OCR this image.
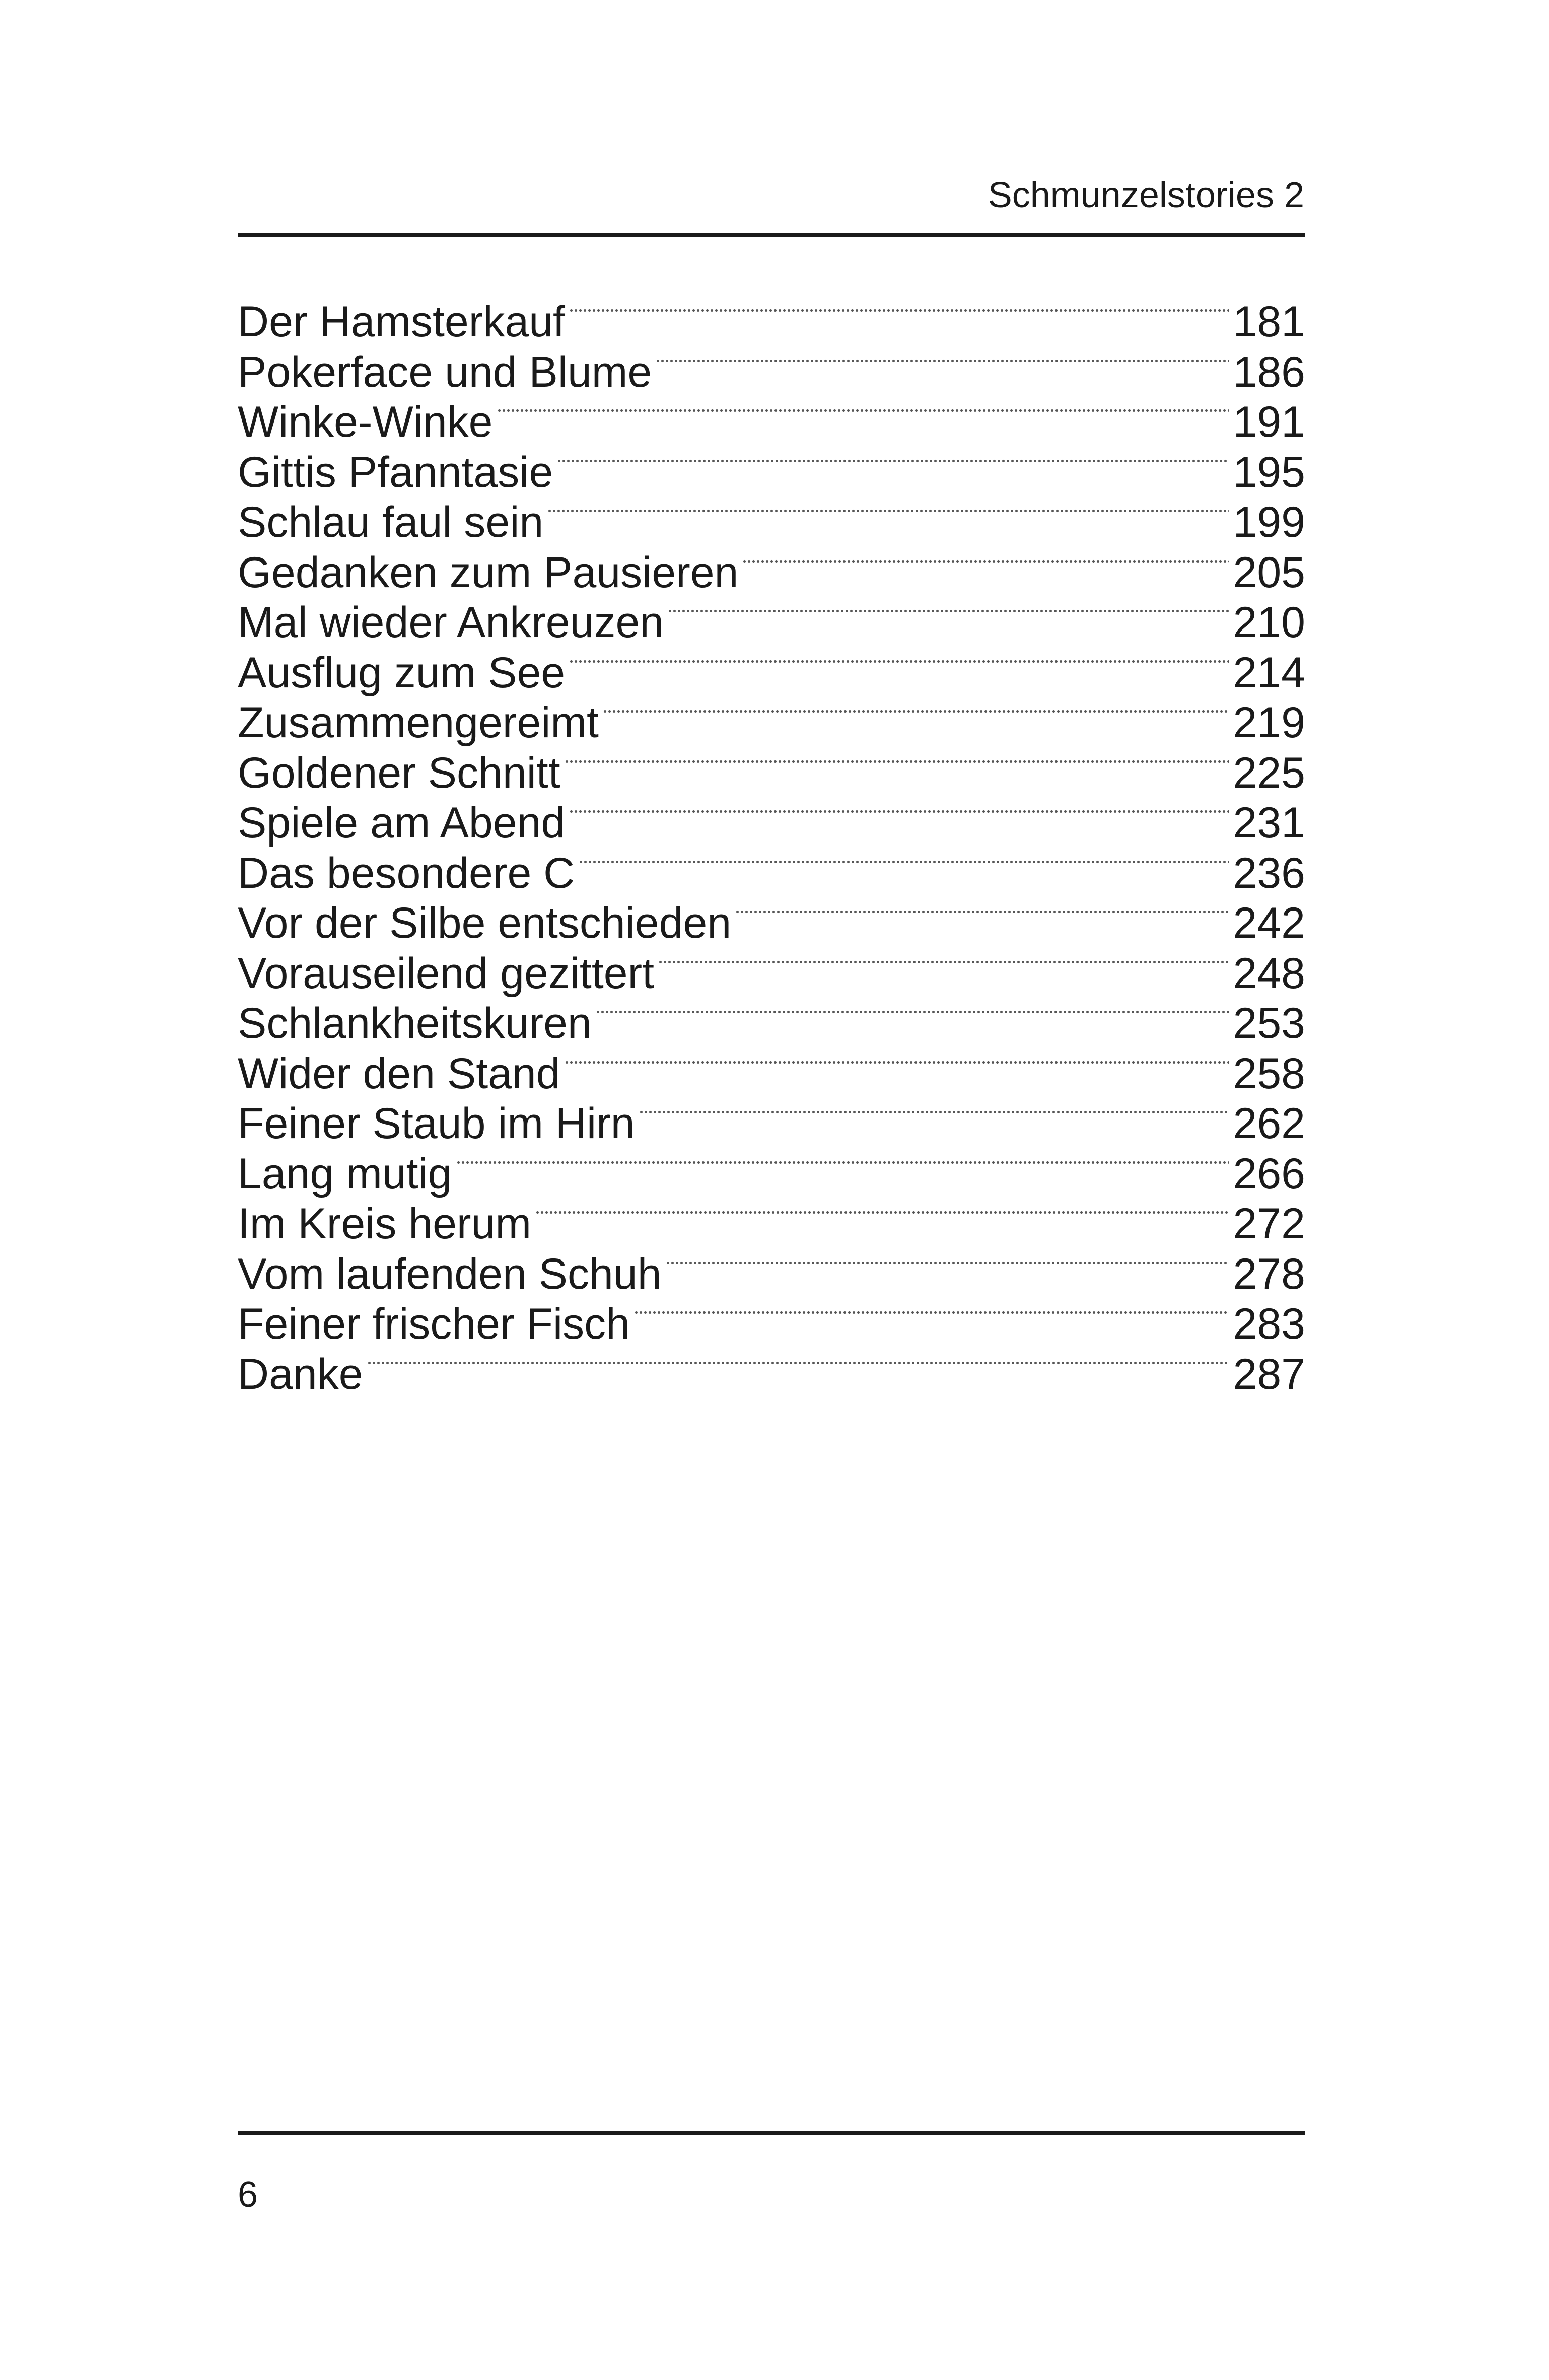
Schmunzelstories 2
Der Hamsterkauf	181
Pokerface und Blume	186
Winke-Winke	191
Gittis Pfanntasie	195
Schlau faul sein	199
Gedanken zum Pausieren	205
Mal wieder Ankreuzen	210
Ausflug zum See	214
Zusammengereimt	219
Goldener Schnitt	225
Spiele am Abend	231
Das besondere C	236
Vor der Silbe entschieden	242
Vorauseilend gezittert	248
Schlankheitskuren	253
Wider den Stand	258
Feiner Staub im Hirn	262
Lang mutig	266
Im Kreis herum	272
Vom laufenden Schuh	278
Feiner frischer Fisch	283
Danke	287
6
